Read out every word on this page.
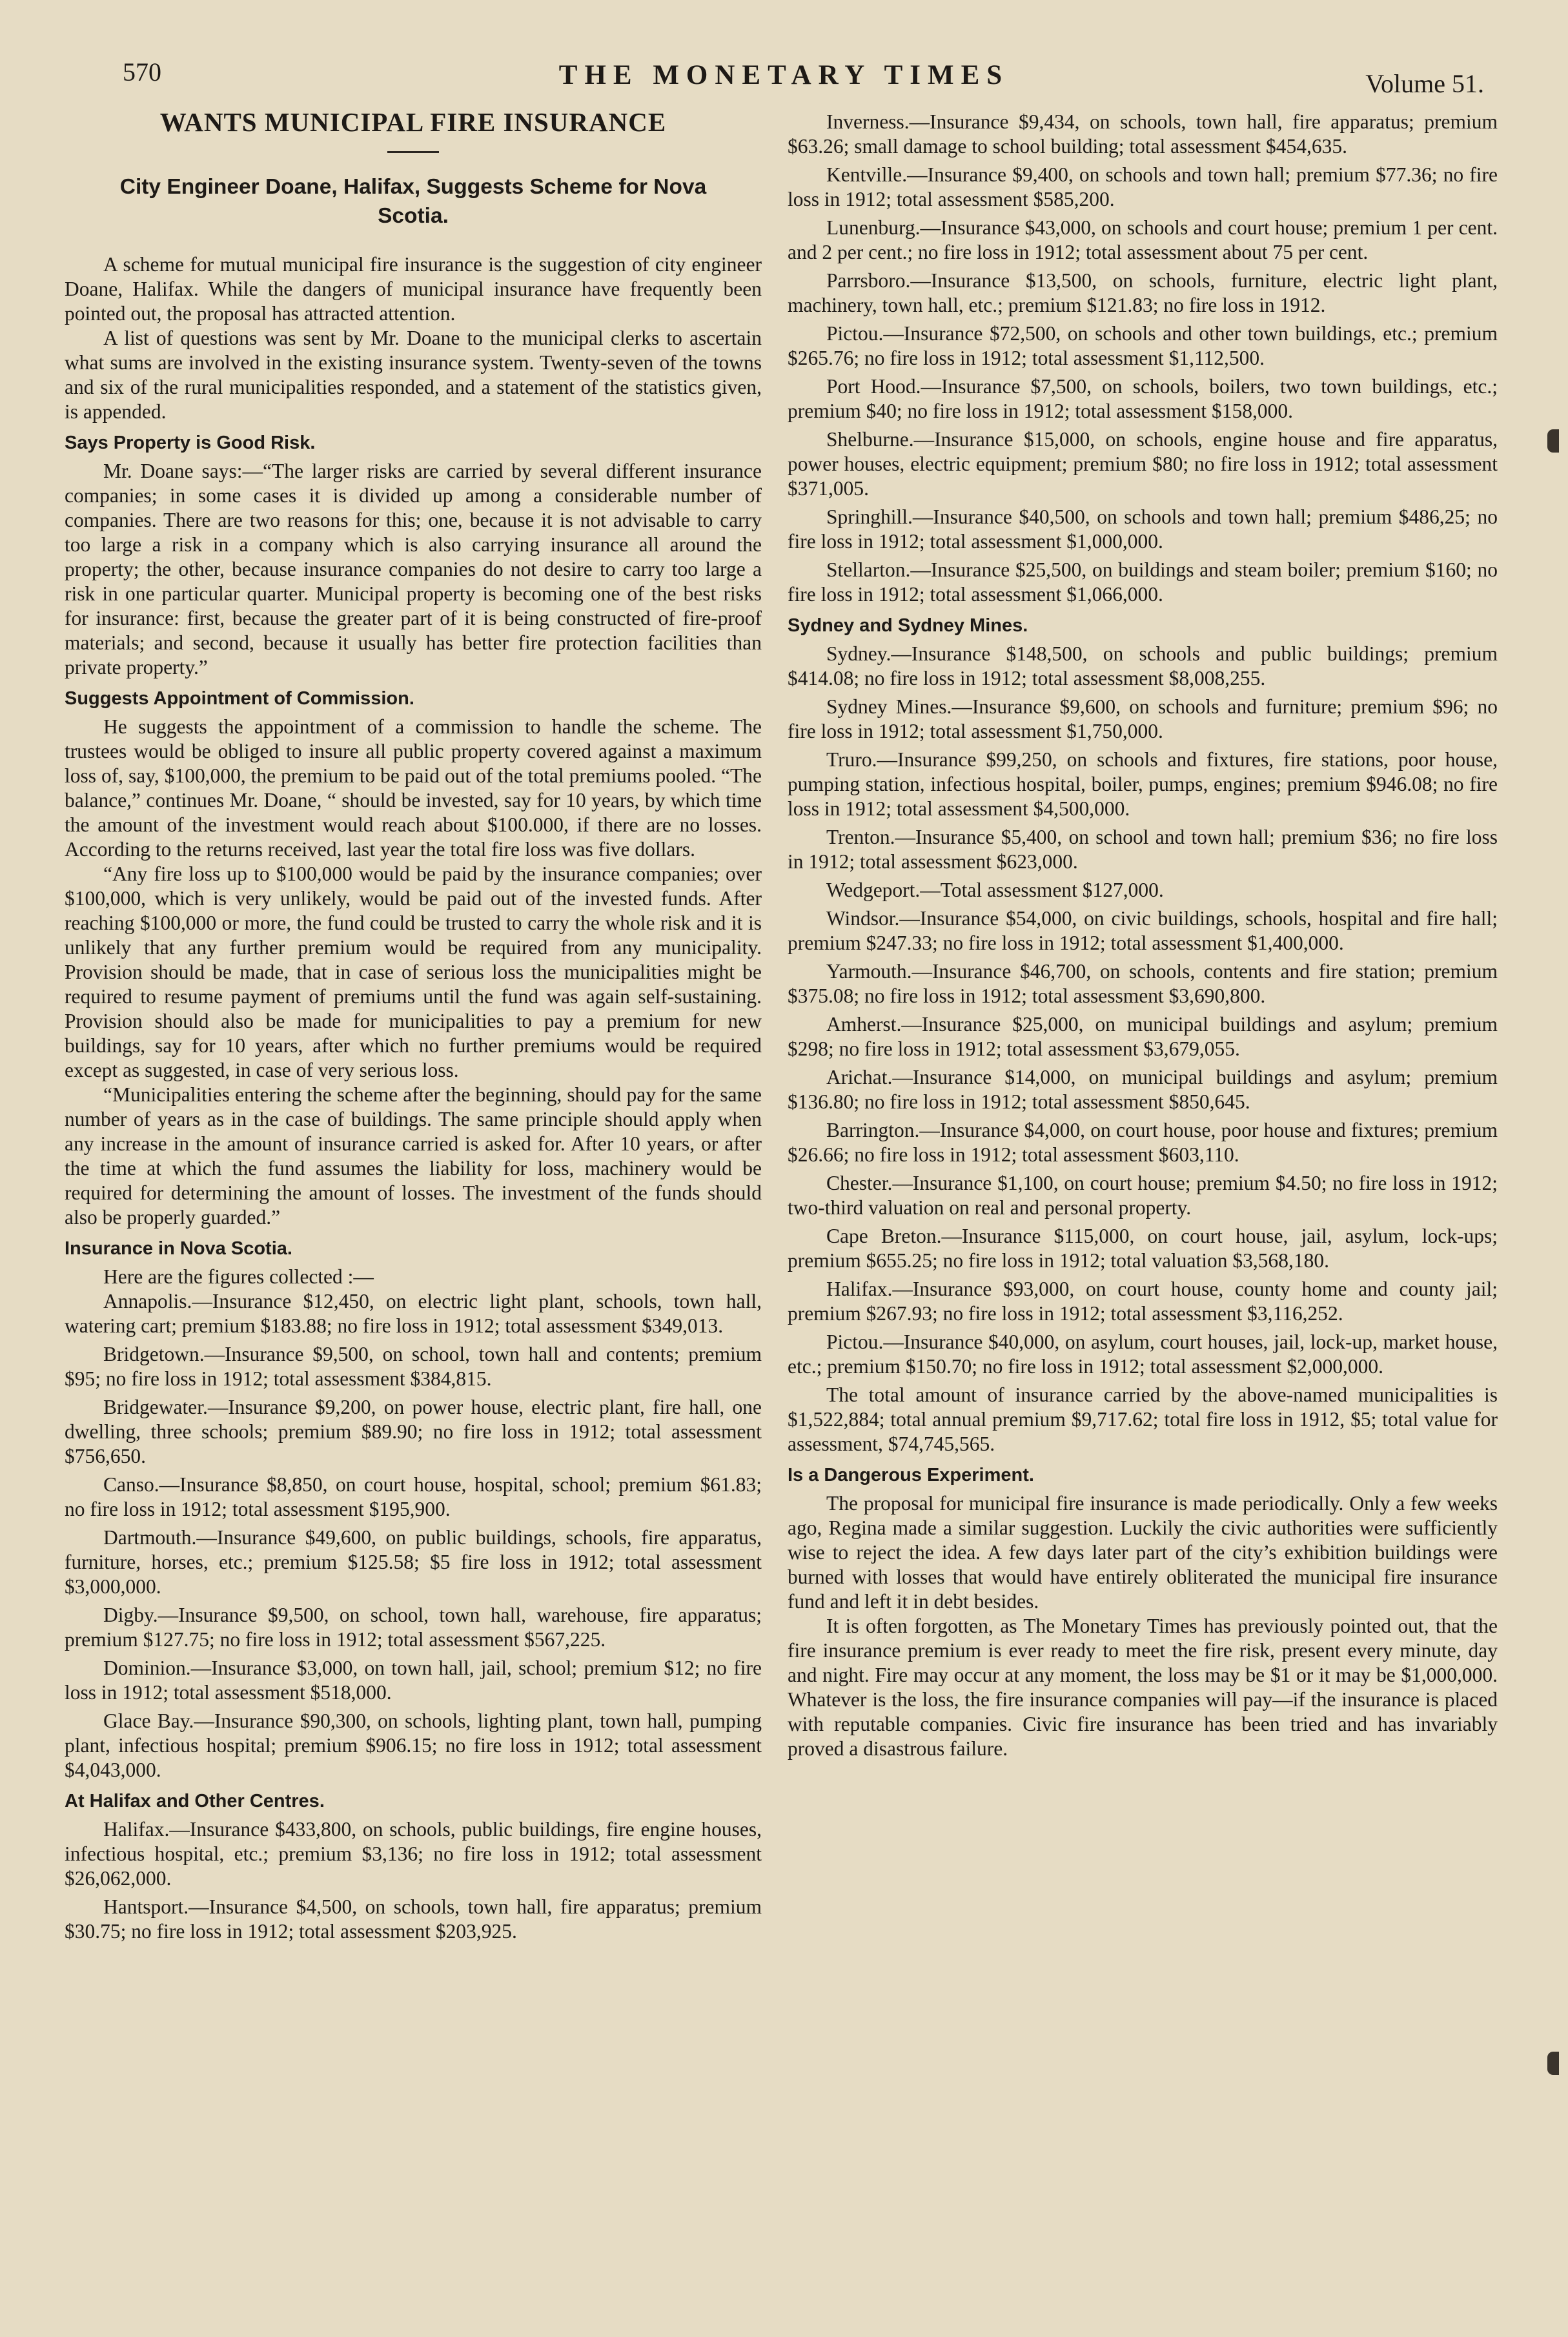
570	THE MONETARY TIMES	Volume 51.
WANTS MUNICIPAL FIRE INSURANCE
City Engineer Doane, Halifax, Suggests Scheme for Nova Scotia.

A scheme for mutual municipal fire insurance is the suggestion of city engineer Doane, Halifax. While the dangers of municipal insurance have frequently been pointed out, the proposal has attracted attention.

A list of questions was sent by Mr. Doane to the municipal clerks to ascertain what sums are involved in the existing insurance system. Twenty-seven of the towns and six of the rural municipalities responded, and a statement of the statistics given, is appended.

Says Property is Good Risk.

Mr. Doane says:—“The larger risks are carried by several different insurance companies; in some cases it is divided up among a considerable number of companies. There are two reasons for this; one, because it is not advisable to carry too large a risk in a company which is also carrying insurance all around the property; the other, because insurance companies do not desire to carry too large a risk in one particular quarter. Municipal property is becoming one of the best risks for insurance: first, because the greater part of it is being constructed of fire-proof materials; and second, because it usually has better fire protection facilities than private property.”

Suggests Appointment of Commission.

He suggests the appointment of a commission to handle the scheme. The trustees would be obliged to insure all public property covered against a maximum loss of, say, $100,000, the premium to be paid out of the total premiums pooled. “The balance,” continues Mr. Doane, “ should be invested, say for 10 years, by which time the amount of the investment would reach about $100.000, if there are no losses. According to the returns received, last year the total fire loss was five dollars.

“Any fire loss up to $100,000 would be paid by the insurance companies; over $100,000, which is very unlikely, would be paid out of the invested funds. After reaching $100,000 or more, the fund could be trusted to carry the whole risk and it is unlikely that any further premium would be required from any municipality. Provision should be made, that in case of serious loss the municipalities might be required to resume payment of premiums until the fund was again self-sustaining. Provision should also be made for municipalities to pay a premium for new buildings, say for 10 years, after which no further premiums would be required except as suggested, in case of very serious loss.

“Municipalities entering the scheme after the beginning, should pay for the same number of years as in the case of buildings. The same principle should apply when any increase in the amount of insurance carried is asked for. After 10 years, or after the time at which the fund assumes the liability for loss, machinery would be required for determining the amount of losses. The investment of the funds should also be properly guarded.”

Insurance in Nova Scotia.

Here are the figures collected :—

Annapolis.—Insurance $12,450, on electric light plant, schools, town hall, watering cart; premium $183.88; no fire loss in 1912; total assessment $349,013.

Bridgetown.—Insurance $9,500, on school, town hall and contents; premium $95; no fire loss in 1912; total assessment $384,815.

Bridgewater.—Insurance $9,200, on power house, electric plant, fire hall, one dwelling, three schools; premium $89.90; no fire loss in 1912; total assessment $756,650.

Canso.—Insurance $8,850, on court house, hospital, school; premium $61.83; no fire loss in 1912; total assessment $195,900.

Dartmouth.—Insurance $49,600, on public buildings, schools, fire apparatus, furniture, horses, etc.; premium $125.58; $5 fire loss in 1912; total assessment $3,000,000.

Digby.—Insurance $9,500, on school, town hall, warehouse, fire apparatus; premium $127.75; no fire loss in 1912; total assessment $567,225.

Dominion.—Insurance $3,000, on town hall, jail, school; premium $12; no fire loss in 1912; total assessment $518,000.

Glace Bay.—Insurance $90,300, on schools, lighting plant, town hall, pumping plant, infectious hospital; premium $906.15; no fire loss in 1912; total assessment $4,043,000.

At Halifax and Other Centres.

Halifax.—Insurance $433,800, on schools, public buildings, fire engine houses, infectious hospital, etc.; premium $3,136; no fire loss in 1912; total assessment $26,062,000.

Hantsport.—Insurance $4,500, on schools, town hall, fire apparatus; premium $30.75; no fire loss in 1912; total assessment $203,925.

Inverness.—Insurance $9,434, on schools, town hall, fire apparatus; premium $63.26; small damage to school building; total assessment $454,635.

Kentville.—Insurance $9,400, on schools and town hall; premium $77.36; no fire loss in 1912; total assessment $585,200.

Lunenburg.—Insurance $43,000, on schools and court house; premium 1 per cent. and 2 per cent.; no fire loss in 1912; total assessment about 75 per cent.

Parrsboro.—Insurance $13,500, on schools, furniture, electric light plant, machinery, town hall, etc.; premium $121.83; no fire loss in 1912.

Pictou.—Insurance $72,500, on schools and other town buildings, etc.; premium $265.76; no fire loss in 1912; total assessment $1,112,500.

Port Hood.—Insurance $7,500, on schools, boilers, two town buildings, etc.; premium $40; no fire loss in 1912; total assessment $158,000.

Shelburne.—Insurance $15,000, on schools, engine house and fire apparatus, power houses, electric equipment; premium $80; no fire loss in 1912; total assessment $371,005.

Springhill.—Insurance $40,500, on schools and town hall; premium $486,25; no fire loss in 1912; total assessment $1,000,000.

Stellarton.—Insurance $25,500, on buildings and steam boiler; premium $160; no fire loss in 1912; total assessment $1,066,000.

Sydney and Sydney Mines.

Sydney.—Insurance $148,500, on schools and public buildings; premium $414.08; no fire loss in 1912; total assessment $8,008,255.

Sydney Mines.—Insurance $9,600, on schools and furniture; premium $96; no fire loss in 1912; total assessment $1,750,000.

Truro.—Insurance $99,250, on schools and fixtures, fire stations, poor house, pumping station, infectious hospital, boiler, pumps, engines; premium $946.08; no fire loss in 1912; total assessment $4,500,000.

Trenton.—Insurance $5,400, on school and town hall; premium $36; no fire loss in 1912; total assessment $623,000.

Wedgeport.—Total assessment $127,000.

Windsor.—Insurance $54,000, on civic buildings, schools, hospital and fire hall; premium $247.33; no fire loss in 1912; total assessment $1,400,000.

Yarmouth.—Insurance $46,700, on schools, contents and fire station; premium $375.08; no fire loss in 1912; total assessment $3,690,800.

Amherst.—Insurance $25,000, on municipal buildings and asylum; premium $298; no fire loss in 1912; total assessment $3,679,055.

Arichat.—Insurance $14,000, on municipal buildings and asylum; premium $136.80; no fire loss in 1912; total assessment $850,645.

Barrington.—Insurance $4,000, on court house, poor house and fixtures; premium $26.66; no fire loss in 1912; total assessment $603,110.

Chester.—Insurance $1,100, on court house; premium $4.50; no fire loss in 1912; two-third valuation on real and personal property.

Cape Breton.—Insurance $115,000, on court house, jail, asylum, lock-ups; premium $655.25; no fire loss in 1912; total valuation $3,568,180.

Halifax.—Insurance $93,000, on court house, county home and county jail; premium $267.93; no fire loss in 1912; total assessment $3,116,252.

Pictou.—Insurance $40,000, on asylum, court houses, jail, lock-up, market house, etc.; premium $150.70; no fire loss in 1912; total assessment $2,000,000.

The total amount of insurance carried by the above-named municipalities is $1,522,884; total annual premium $9,717.62; total fire loss in 1912, $5; total value for assessment, $74,745,565.

Is a Dangerous Experiment.

The proposal for municipal fire insurance is made periodically. Only a few weeks ago, Regina made a similar suggestion. Luckily the civic authorities were sufficiently wise to reject the idea. A few days later part of the city’s exhibition buildings were burned with losses that would have entirely obliterated the municipal fire insurance fund and left it in debt besides.

It is often forgotten, as The Monetary Times has previously pointed out, that the fire insurance premium is ever ready to meet the fire risk, present every minute, day and night. Fire may occur at any moment, the loss may be $1 or it may be $1,000,000. Whatever is the loss, the fire insurance companies will pay—if the insurance is placed with reputable companies. Civic fire insurance has been tried and has invariably proved a disastrous failure.
